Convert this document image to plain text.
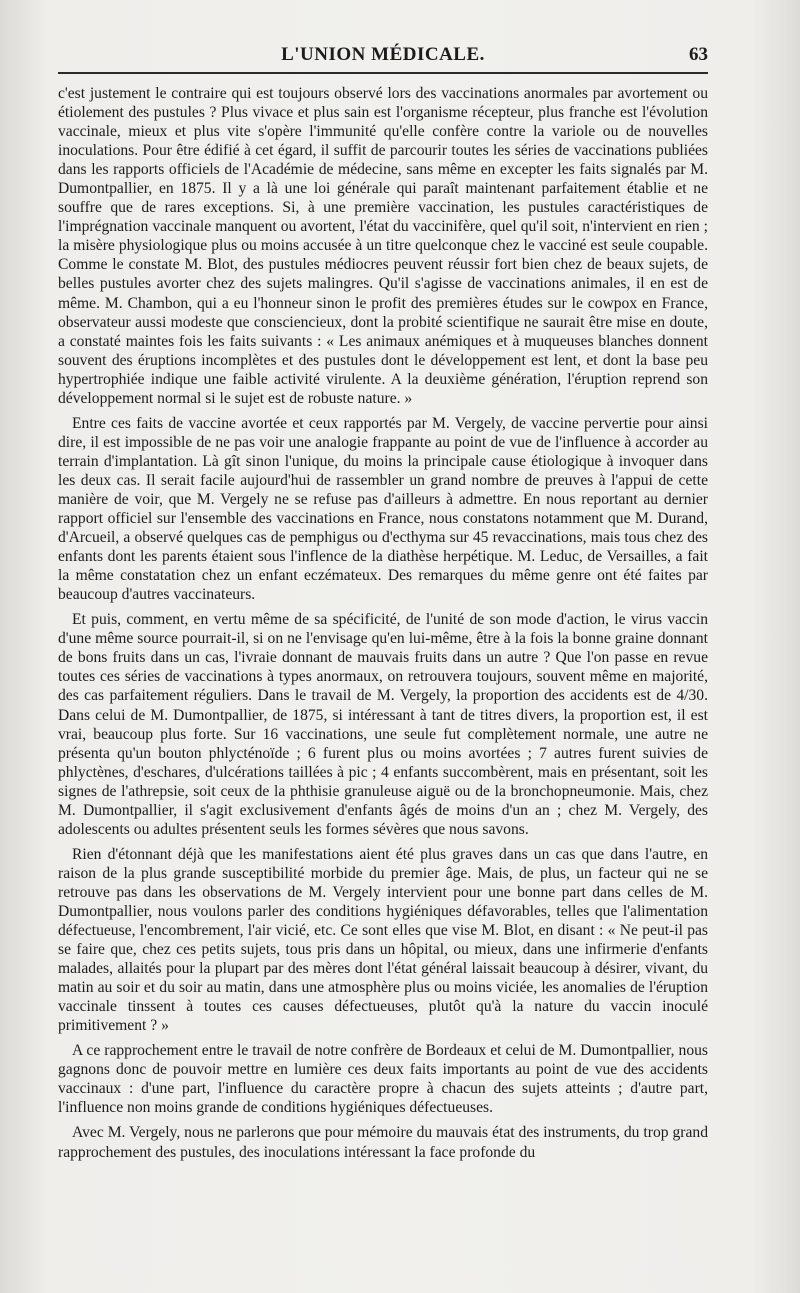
L'UNION MÉDICALE.	63

c'est justement le contraire qui est toujours observé lors des vaccinations anormales par avortement ou étiolement des pustules ? Plus vivace et plus sain est l'organisme récepteur, plus franche est l'évolution vaccinale, mieux et plus vite s'opère l'immunité qu'elle confère contre la variole ou de nouvelles inoculations. Pour être édifié à cet égard, il suffit de parcourir toutes les séries de vaccinations publiées dans les rapports officiels de l'Académie de médecine, sans même en excepter les faits signalés par M. Dumontpallier, en 1875. Il y a là une loi générale qui paraît maintenant parfaitement établie et ne souffre que de rares exceptions. Si, à une première vaccination, les pustules caractéristiques de l'imprégnation vaccinale manquent ou avortent, l'état du vaccinifère, quel qu'il soit, n'intervient en rien ; la misère physiologique plus ou moins accusée à un titre quelconque chez le vacciné est seule coupable. Comme le constate M. Blot, des pustules médiocres peuvent réussir fort bien chez de beaux sujets, de belles pustules avorter chez des sujets malingres. Qu'il s'agisse de vaccinations animales, il en est de même. M. Chambon, qui a eu l'honneur sinon le profit des premières études sur le cowpox en France, observateur aussi modeste que consciencieux, dont la probité scientifique ne saurait être mise en doute, a constaté maintes fois les faits suivants : « Les animaux anémiques et à muqueuses blanches donnent souvent des éruptions incomplètes et des pustules dont le développement est lent, et dont la base peu hypertrophiée indique une faible activité virulente. A la deuxième génération, l'éruption reprend son développement normal si le sujet est de robuste nature. »

Entre ces faits de vaccine avortée et ceux rapportés par M. Vergely, de vaccine pervertie pour ainsi dire, il est impossible de ne pas voir une analogie frappante au point de vue de l'influence à accorder au terrain d'implantation. Là gît sinon l'unique, du moins la principale cause étiologique à invoquer dans les deux cas. Il serait facile aujourd'hui de rassembler un grand nombre de preuves à l'appui de cette manière de voir, que M. Vergely ne se refuse pas d'ailleurs à admettre. En nous reportant au dernier rapport officiel sur l'ensemble des vaccinations en France, nous constatons notamment que M. Durand, d'Arcueil, a observé quelques cas de pemphigus ou d'ecthyma sur 45 revaccinations, mais tous chez des enfants dont les parents étaient sous l'inflence de la diathèse herpétique. M. Leduc, de Versailles, a fait la même constatation chez un enfant eczémateux. Des remarques du même genre ont été faites par beaucoup d'autres vaccinateurs.

Et puis, comment, en vertu même de sa spécificité, de l'unité de son mode d'action, le virus vaccin d'une même source pourrait-il, si on ne l'envisage qu'en lui-même, être à la fois la bonne graine donnant de bons fruits dans un cas, l'ivraie donnant de mauvais fruits dans un autre ? Que l'on passe en revue toutes ces séries de vaccinations à types anormaux, on retrouvera toujours, souvent même en majorité, des cas parfaitement réguliers. Dans le travail de M. Vergely, la proportion des accidents est de 4/30. Dans celui de M. Dumontpallier, de 1875, si intéressant à tant de titres divers, la proportion est, il est vrai, beaucoup plus forte. Sur 16 vaccinations, une seule fut complètement normale, une autre ne présenta qu'un bouton phlycténoïde ; 6 furent plus ou moins avortées ; 7 autres furent suivies de phlyctènes, d'eschares, d'ulcérations taillées à pic ; 4 enfants succombèrent, mais en présentant, soit les signes de l'athrepsie, soit ceux de la phthisie granuleuse aiguë ou de la bronchopneumonie. Mais, chez M. Dumontpallier, il s'agit exclusivement d'enfants âgés de moins d'un an ; chez M. Vergely, des adolescents ou adultes présentent seuls les formes sévères que nous savons.

Rien d'étonnant déjà que les manifestations aient été plus graves dans un cas que dans l'autre, en raison de la plus grande susceptibilité morbide du premier âge. Mais, de plus, un facteur qui ne se retrouve pas dans les observations de M. Vergely intervient pour une bonne part dans celles de M. Dumontpallier, nous voulons parler des conditions hygiéniques défavorables, telles que l'alimentation défectueuse, l'encombrement, l'air vicié, etc. Ce sont elles que vise M. Blot, en disant : « Ne peut-il pas se faire que, chez ces petits sujets, tous pris dans un hôpital, ou mieux, dans une infirmerie d'enfants malades, allaités pour la plupart par des mères dont l'état général laissait beaucoup à désirer, vivant, du matin au soir et du soir au matin, dans une atmosphère plus ou moins viciée, les anomalies de l'éruption vaccinale tinssent à toutes ces causes défectueuses, plutôt qu'à la nature du vaccin inoculé primitivement ? »

A ce rapprochement entre le travail de notre confrère de Bordeaux et celui de M. Dumontpallier, nous gagnons donc de pouvoir mettre en lumière ces deux faits importants au point de vue des accidents vaccinaux : d'une part, l'influence du caractère propre à chacun des sujets atteints ; d'autre part, l'influence non moins grande de conditions hygiéniques défectueuses.

Avec M. Vergely, nous ne parlerons que pour mémoire du mauvais état des instruments, du trop grand rapprochement des pustules, des inoculations intéressant la face profonde du
